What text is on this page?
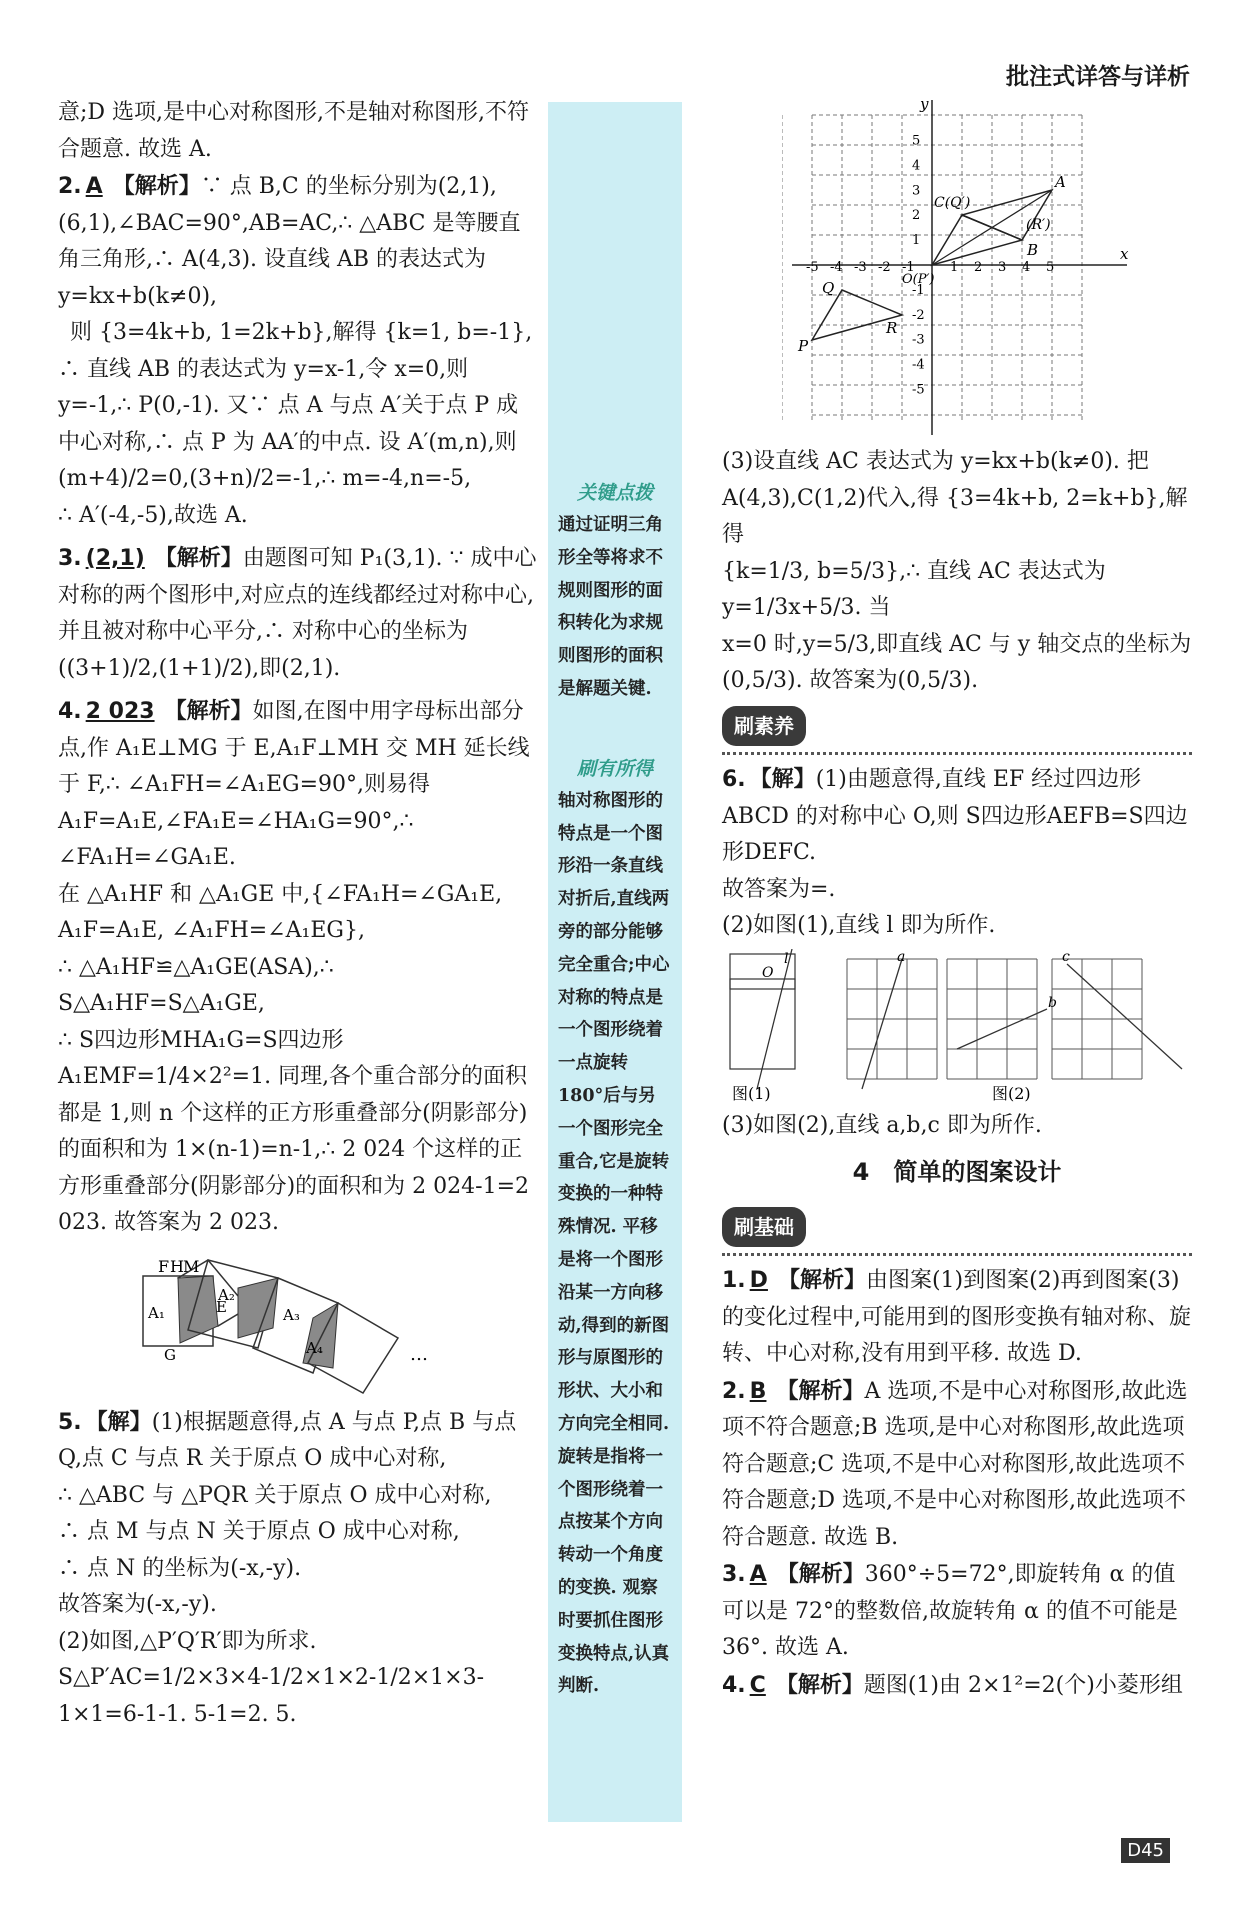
批注式详答与详析

意;D 选项,是中心对称图形,不是轴对称图形,不符合题意. 故选 A.

2. A 【解析】∵ 点 B,C 的坐标分别为(2,1),(6,1),∠BAC=90°,AB=AC,∴ △ABC 是等腰直角三角形,∴ A(4,3). 设直线 AB 的表达式为 y=kx+b(k≠0),

则 {3=4k+b, 1=2k+b},解得 {k=1, b=-1},

∴ 直线 AB 的表达式为 y=x-1,令 x=0,则 y=-1,∴ P(0,-1). 又∵ 点 A 与点 A′关于点 P 成中心对称,∴ 点 P 为 AA′的中点. 设 A′(m,n),则 (m+4)/2=0,(3+n)/2=-1,∴ m=-4,n=-5,

∴ A′(-4,-5),故选 A.

3. (2,1) 【解析】由题图可知 P₁(3,1). ∵ 成中心对称的两个图形中,对应点的连线都经过对称中心,并且被对称中心平分,∴ 对称中心的坐标为((3+1)/2,(1+1)/2),即(2,1).

4. 2 023 【解析】如图,在图中用字母标出部分点,作 A₁E⊥MG 于 E,A₁F⊥MH 交 MH 延长线于 F,∴ ∠A₁FH=∠A₁EG=90°,则易得 A₁F=A₁E,∠FA₁E=∠HA₁G=90°,∴ ∠FA₁H=∠GA₁E.

在 △A₁HF 和 △A₁GE 中,{∠FA₁H=∠GA₁E, A₁F=A₁E, ∠A₁FH=∠A₁EG},

∴ △A₁HF≌△A₁GE(ASA),∴ S△A₁HF=S△A₁GE,

∴ S四边形MHA₁G=S四边形A₁EMF=1/4×2²=1. 同理,各个重合部分的面积都是 1,则 n 个这样的正方形重叠部分(阴影部分)的面积和为 1×(n-1)=n-1,∴ 2 024 个这样的正方形重叠部分(阴影部分)的面积和为 2 024-1=2 023. 故答案为 2 023.

F H M
A₁	E
G
A₂
A₃
A₄	…

5. 【解】(1)根据题意得,点 A 与点 P,点 B 与点 Q,点 C 与点 R 关于原点 O 成中心对称,

∴ △ABC 与 △PQR 关于原点 O 成中心对称,

∴ 点 M 与点 N 关于原点 O 成中心对称,

∴ 点 N 的坐标为(-x,-y).

故答案为(-x,-y).

(2)如图,△P′Q′R′即为所求.

S△P′AC=1/2×3×4-1/2×1×2-1/2×1×3-1×1=6-1-1. 5-1=2. 5.

关键点拨
通过证明三角形全等将求不规则图形的面积转化为求规则图形的面积是解题关键.
刷有所得
轴对称图形的特点是一个图形沿一条直线对折后,直线两旁的部分能够完全重合;中心对称的特点是一个图形绕着一点旋转180°后与另一个图形完全重合,它是旋转变换的一种特殊情况. 平移是将一个图形沿某一方向移动,得到的新图形与原图形的形状、大小和方向完全相同. 旋转是指将一个图形绕着一点按某个方向转动一个角度的变换. 观察时要抓住图形变换特点,认真判断.
x
y
-5 -4 -3 -2 -1	1 2 3 4 5
5
4
3
2
1
-1
-2
-3
-4
-5
A
B
C(Q′)
(R′)
O(P′)
P
Q
R

(3)设直线 AC 表达式为 y=kx+b(k≠0). 把 A(4,3),C(1,2)代入,得 {3=4k+b, 2=k+b},解得

{k=1/3, b=5/3},∴ 直线 AC 表达式为 y=1/3x+5/3. 当

x=0 时,y=5/3,即直线 AC 与 y 轴交点的坐标为(0,5/3). 故答案为(0,5/3).

刷素养

6. 【解】(1)由题意得,直线 EF 经过四边形 ABCD 的对称中心 O,则 S四边形AEFB=S四边形DEFC.

故答案为=.

(2)如图(1),直线 l 即为所作.

O
l	a
b
c
图(1)	图(2)

(3)如图(2),直线 a,b,c 即为所作.

4　简单的图案设计
刷基础

1. D 【解析】由图案(1)到图案(2)再到图案(3)的变化过程中,可能用到的图形变换有轴对称、旋转、中心对称,没有用到平移. 故选 D.

2. B 【解析】A 选项,不是中心对称图形,故此选项不符合题意;B 选项,是中心对称图形,故此选项符合题意;C 选项,不是中心对称图形,故此选项不符合题意;D 选项,不是中心对称图形,故此选项不符合题意. 故选 B.

3. A 【解析】360°÷5=72°,即旋转角 α 的值可以是 72°的整数倍,故旋转角 α 的值不可能是 36°. 故选 A.

4. C 【解析】题图(1)由 2×1²=2(个)小菱形组

D45
